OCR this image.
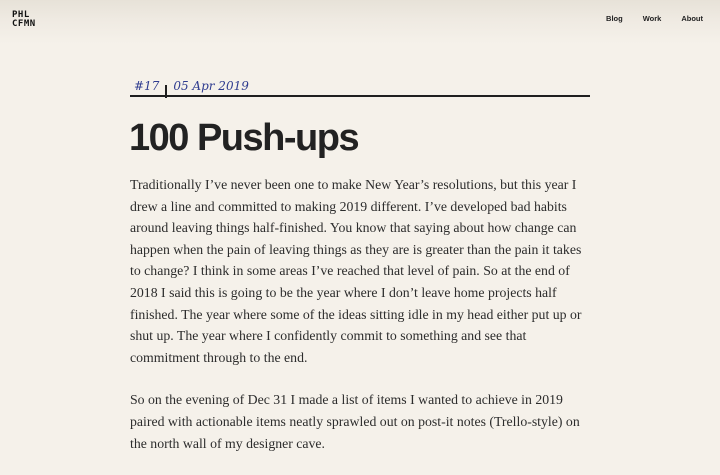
PHL
CFMN
Blog	Work	About
#17 05 Apr 2019
100 Push-ups

Traditionally I’ve never been one to make New Year’s resolutions, but this year I drew a line and committed to making 2019 different. I’ve developed bad habits around leaving things half-finished. You know that saying about how change can happen when the pain of leaving things as they are is greater than the pain it takes to change? I think in some areas I’ve reached that level of pain. So at the end of 2018 I said this is going to be the year where I don’t leave home projects half finished. The year where some of the ideas sitting idle in my head either put up or shut up. The year where I confidently commit to something and see that commitment through to the end.

So on the evening of Dec 31 I made a list of items I wanted to achieve in 2019 paired with actionable items neatly sprawled out on post-it notes (Trello-style) on the north wall of my designer cave.
